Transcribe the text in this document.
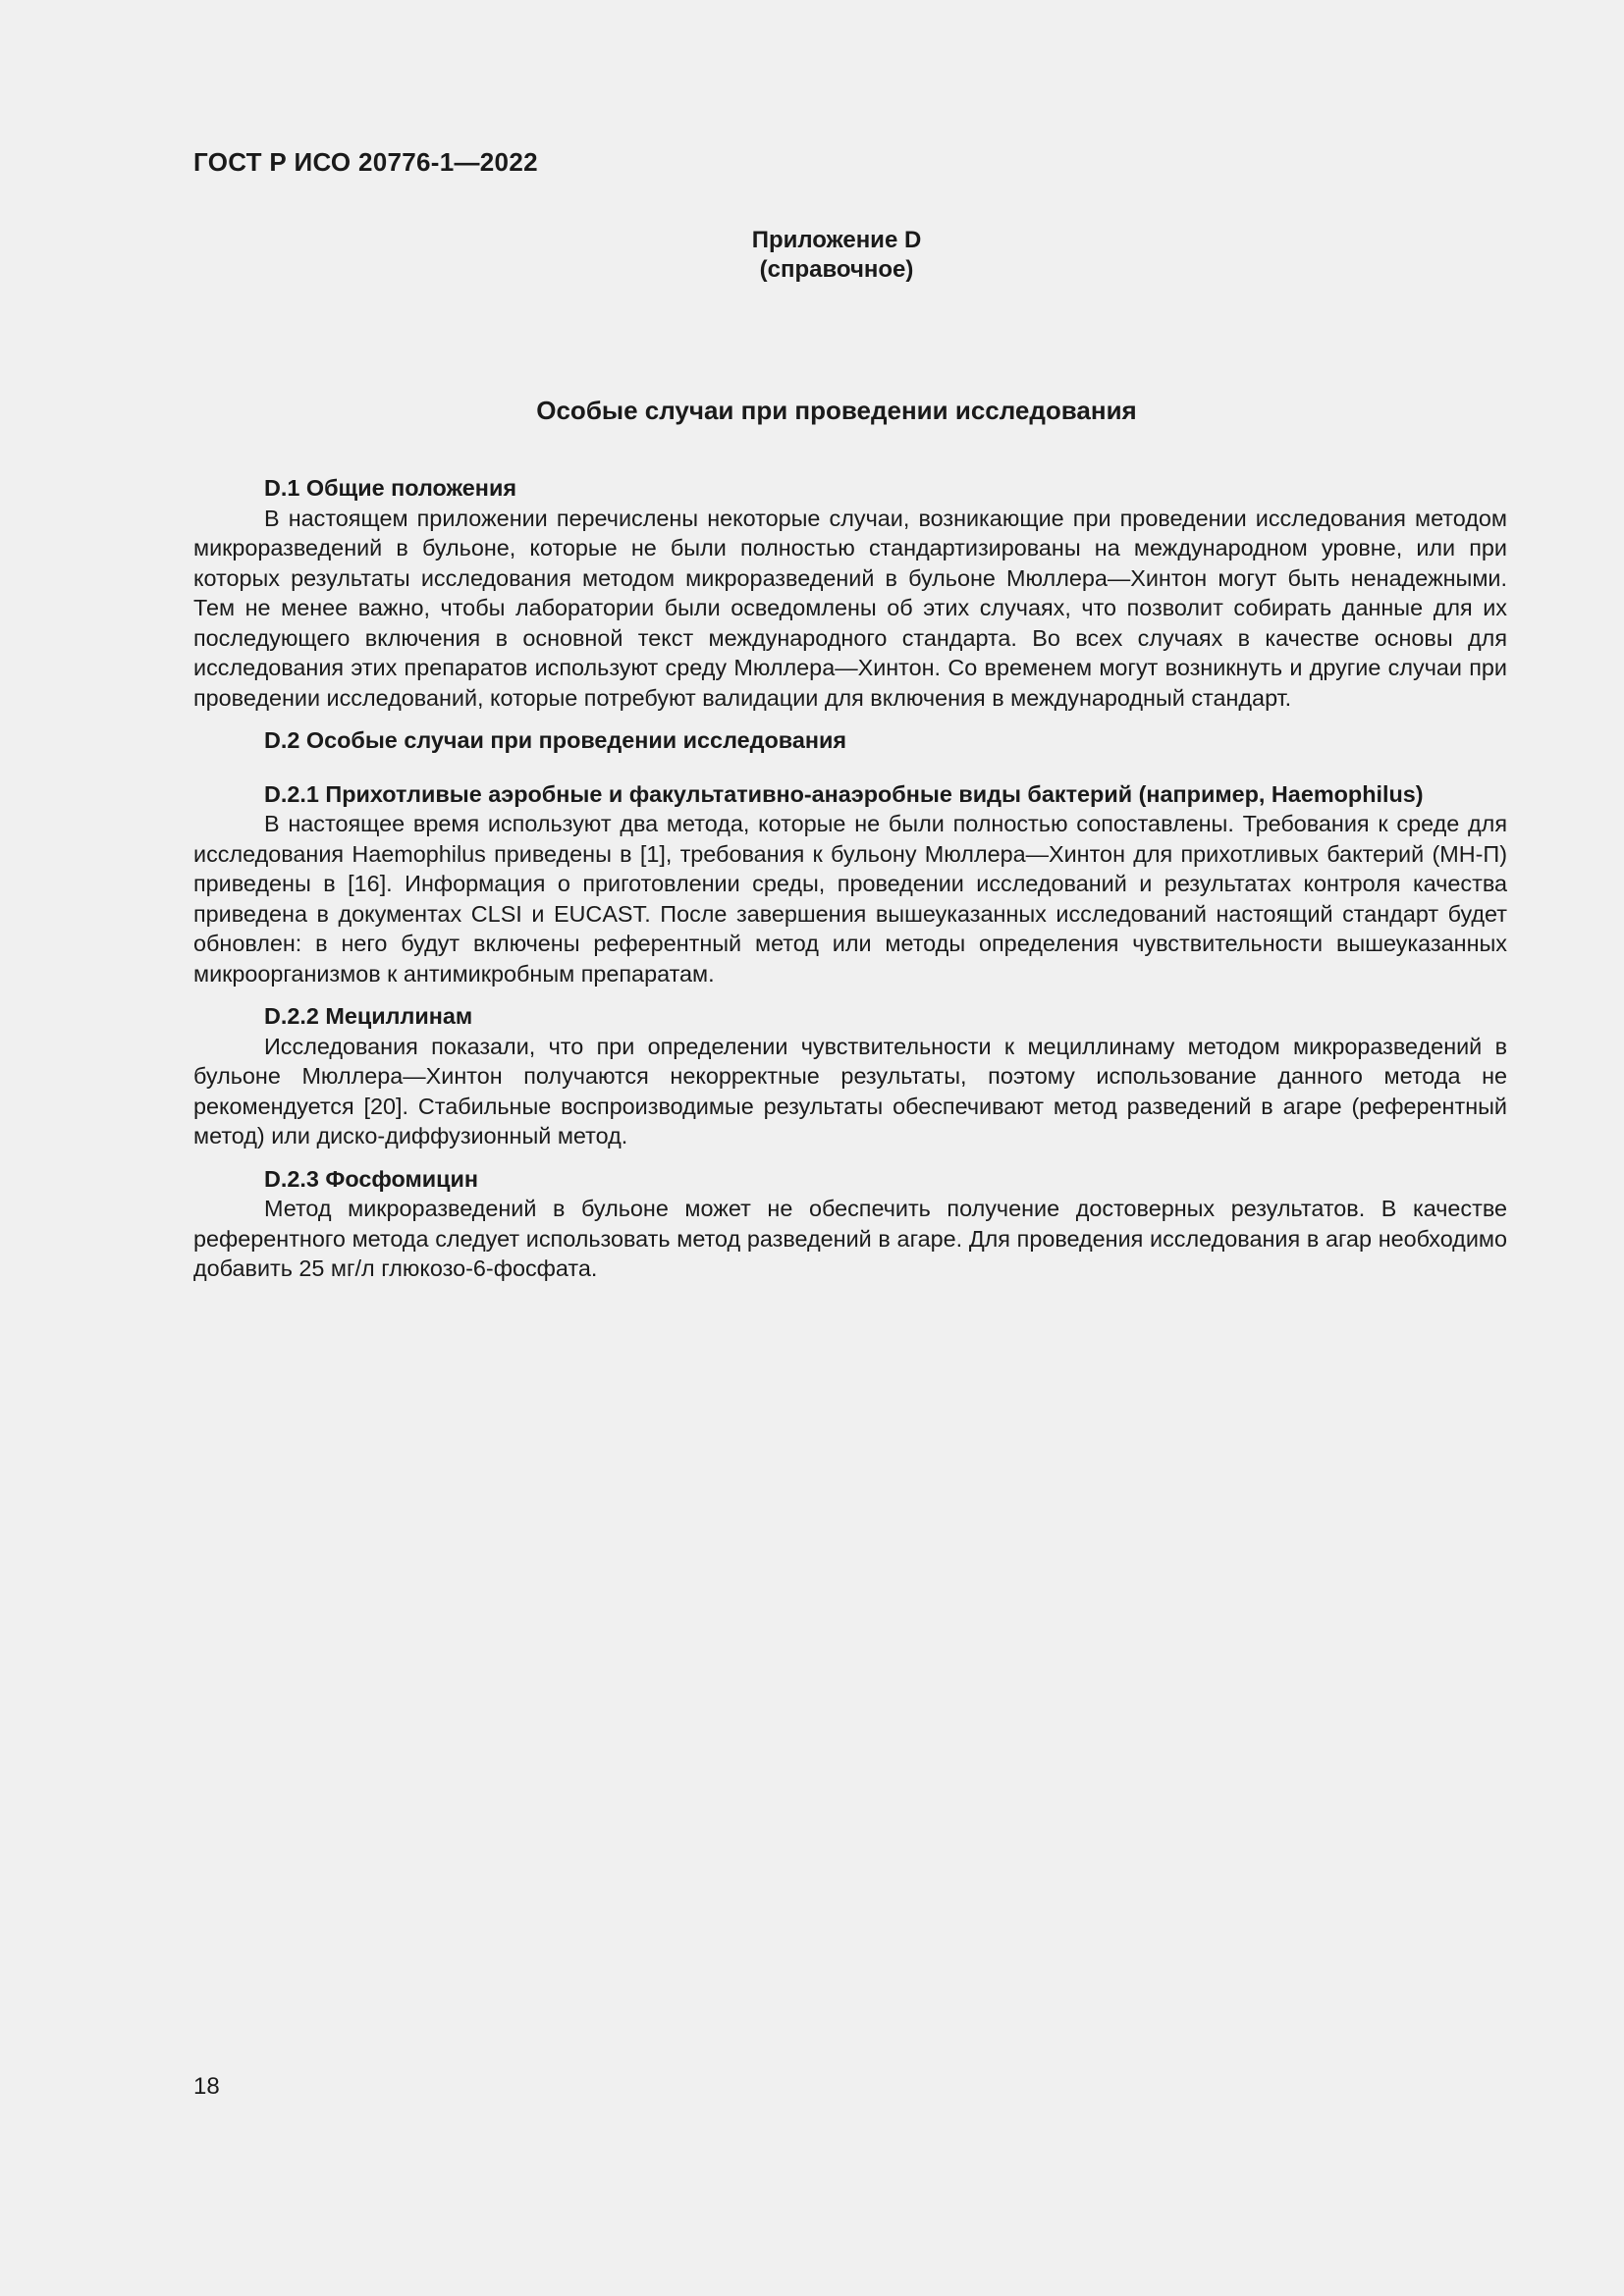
ГОСТ Р ИСО 20776-1—2022
Приложение D
(справочное)
Особые случаи при проведении исследования
D.1 Общие положения

В настоящем приложении перечислены некоторые случаи, возникающие при проведении исследования методом микроразведений в бульоне, которые не были полностью стандартизированы на международном уровне, или при которых результаты исследования методом микроразведений в бульоне Мюллера—Хинтон могут быть ненадежными. Тем не менее важно, чтобы лаборатории были осведомлены об этих случаях, что позволит собирать данные для их последующего включения в основной текст международного стандарта. Во всех случаях в качестве основы для исследования этих препаратов используют среду Мюллера—Хинтон. Со временем могут возникнуть и другие случаи при проведении исследований, которые потребуют валидации для включения в международный стандарт.

D.2 Особые случаи при проведении исследования
D.2.1 Прихотливые аэробные и факультативно-анаэробные виды бактерий (например, Haemophilus)

В настоящее время используют два метода, которые не были полностью сопоставлены. Требования к среде для исследования Haemophilus приведены в [1], требования к бульону Мюллера—Хинтон для прихотливых бактерий (МН-П) приведены в [16]. Информация о приготовлении среды, проведении исследований и результатах контроля качества приведена в документах CLSI и EUCAST. После завершения вышеуказанных исследований настоящий стандарт будет обновлен: в него будут включены референтный метод или методы определения чувствительности вышеуказанных микроорганизмов к антимикробным препаратам.

D.2.2 Мециллинам

Исследования показали, что при определении чувствительности к мециллинаму методом микроразведений в бульоне Мюллера—Хинтон получаются некорректные результаты, поэтому использование данного метода не рекомендуется [20]. Стабильные воспроизводимые результаты обеспечивают метод разведений в агаре (референтный метод) или диско-диффузионный метод.

D.2.3 Фосфомицин

Метод микроразведений в бульоне может не обеспечить получение достоверных результатов. В качестве референтного метода следует использовать метод разведений в агаре. Для проведения исследования в агар необходимо добавить 25 мг/л глюкозо-6-фосфата.

18
